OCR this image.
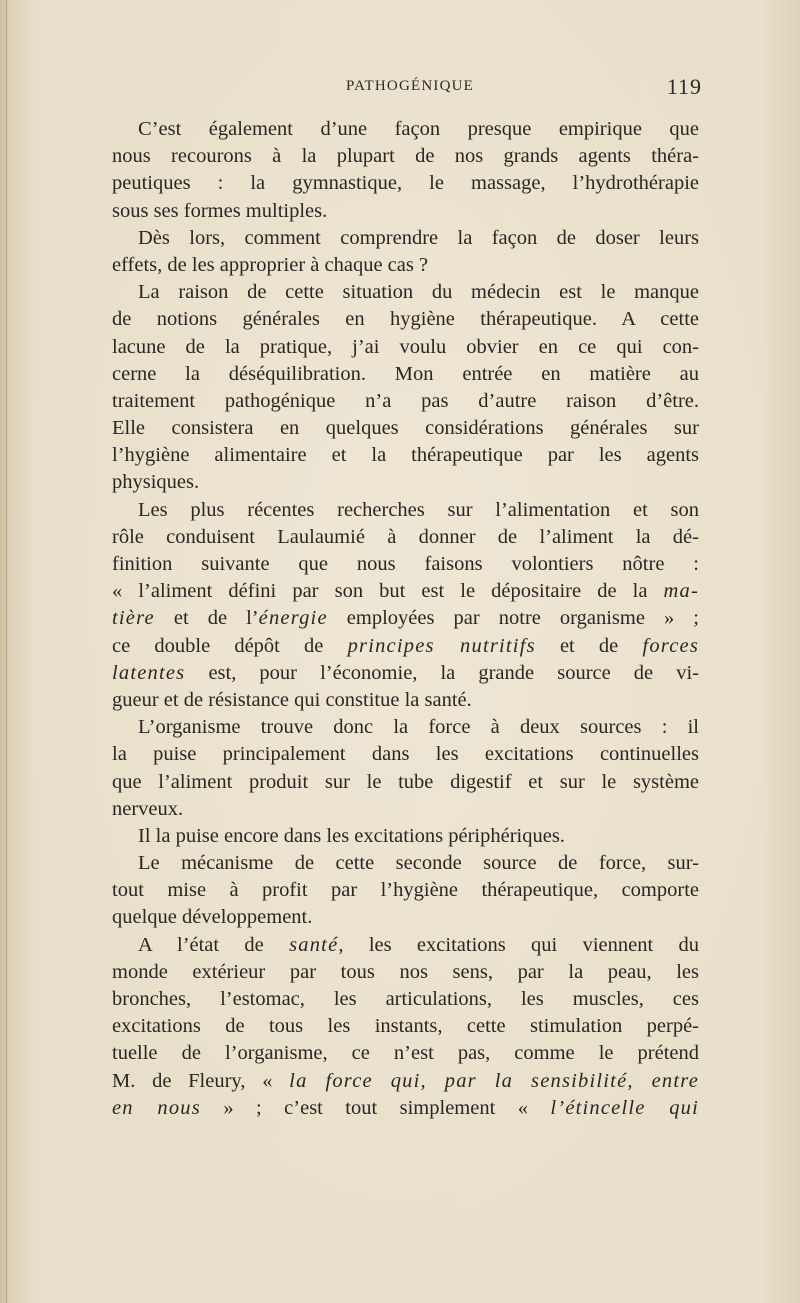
PATHOGÉNIQUE	119
C’est également d’une façon presque empirique que
nous recourons à la plupart de nos grands agents théra-
peutiques : la gymnastique, le massage, l’hydrothérapie
sous ses formes multiples.
Dès lors, comment comprendre la façon de doser leurs
effets, de les approprier à chaque cas ?
La raison de cette situation du médecin est le manque
de notions générales en hygiène thérapeutique. A cette
lacune de la pratique, j’ai voulu obvier en ce qui con-
cerne la déséquilibration. Mon entrée en matière au
traitement pathogénique n’a pas d’autre raison d’être.
Elle consistera en quelques considérations générales sur
l’hygiène alimentaire et la thérapeutique par les agents
physiques.
Les plus récentes recherches sur l’alimentation et son
rôle conduisent Laulaumié à donner de l’aliment la dé-
finition suivante que nous faisons volontiers nôtre :
« l’aliment défini par son but est le dépositaire de la ma-
tière et de l’énergie employées par notre organisme » ;
ce double dépôt de principes nutritifs et de forces
latentes est, pour l’économie, la grande source de vi-
gueur et de résistance qui constitue la santé.
L’organisme trouve donc la force à deux sources : il
la puise principalement dans les excitations continuelles
que l’aliment produit sur le tube digestif et sur le système
nerveux.
Il la puise encore dans les excitations périphériques.
Le mécanisme de cette seconde source de force, sur-
tout mise à profit par l’hygiène thérapeutique, comporte
quelque développement.
A l’état de santé, les excitations qui viennent du
monde extérieur par tous nos sens, par la peau, les
bronches, l’estomac, les articulations, les muscles, ces
excitations de tous les instants, cette stimulation perpé-
tuelle de l’organisme, ce n’est pas, comme le prétend
M. de Fleury, « la force qui, par la sensibilité, entre
en nous » ; c’est tout simplement « l’étincelle qui
